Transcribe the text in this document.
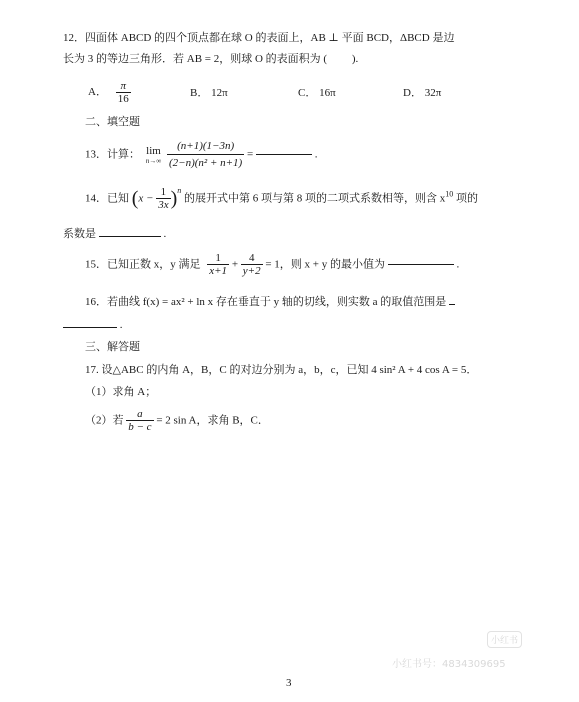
12．四面体 ABCD 的四个顶点都在球 O 的表面上，AB ⊥ 平面 BCD，ΔBCD 是边
长为 3 的等边三角形．若 AB = 2，则球 O 的表面积为 (　　 ).
A． $\frac{\pi}{16}$	B． 12π	C． 16π	D． 32π
二、填空题
13．计算： lim
n→∞
$\frac{(n+1)(1-3n)}{\text{(2−n)(n² + n+1)}}$ =	.
14．已知 $(x - \frac{1}{3x} )^n$ 的展开式中第 6 项与第 8 项的二项式系数相等，则含 $x^{10}$ 项的
系数是	.
15．已知正数 x，y 满足 $\frac{1}{x+1} + \frac{4}{y+2} = 1$，则 x + y 的最小值为	.
16．若曲线 f(x) = ax² + ln x 存在垂直于 y 轴的切线，则实数 a 的取值范围是
.
三、解答题
17. 设△ABC 的内角 A，B，C 的对边分别为 a，b，c，已知 4 sin² A + 4 cos A = 5．
（1）求角 A；
（2）若 $\frac{a}{b - c} = 2$ sin A，求角 B，C．
小红书
小红书号：4834309695
3
